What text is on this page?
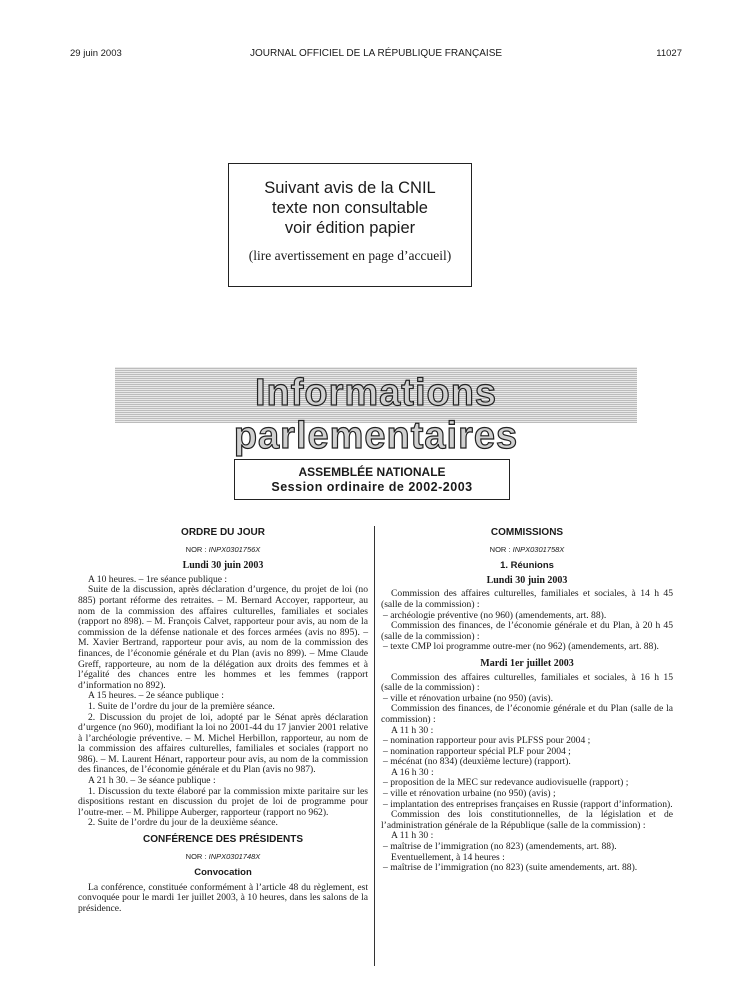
29 juin 2003	JOURNAL OFFICIEL DE LA RÉPUBLIQUE FRANÇAISE	11027
Suivant avis de la CNIL
texte non consultable
voir édition papier
(lire avertissement en page d’accueil)
Informations parlementaires
ASSEMBLÉE NATIONALE
Session ordinaire de 2002-2003
ORDRE DU JOUR
NOR : INPX0301756X
Lundi 30 juin 2003

A 10 heures. – 1re séance publique :

Suite de la discussion, après déclaration d’urgence, du projet de loi (no 885) portant réforme des retraites. – M. Bernard Accoyer, rapporteur, au nom de la commission des affaires culturelles, familiales et sociales (rapport no 898). – M. François Calvet, rapporteur pour avis, au nom de la commission de la défense nationale et des forces armées (avis no 895). – M. Xavier Bertrand, rapporteur pour avis, au nom de la commission des finances, de l’économie générale et du Plan (avis no 899). – Mme Claude Greff, rapporteure, au nom de la délégation aux droits des femmes et à l’égalité des chances entre les hommes et les femmes (rapport d’information no 892).

A 15 heures. – 2e séance publique :

1. Suite de l’ordre du jour de la première séance.

2. Discussion du projet de loi, adopté par le Sénat après déclaration d’urgence (no 960), modifiant la loi no 2001-44 du 17 janvier 2001 relative à l’archéologie préventive. – M. Michel Herbillon, rapporteur, au nom de la commission des affaires culturelles, familiales et sociales (rapport no 986). – M. Laurent Hénart, rapporteur pour avis, au nom de la commission des finances, de l’économie générale et du Plan (avis no 987).

A 21 h 30. – 3e séance publique :

1. Discussion du texte élaboré par la commission mixte paritaire sur les dispositions restant en discussion du projet de loi de programme pour l’outre-mer. – M. Philippe Auberger, rapporteur (rapport no 962).

2. Suite de l’ordre du jour de la deuxième séance.

CONFÉRENCE DES PRÉSIDENTS
NOR : INPX0301748X
Convocation

La conférence, constituée conformément à l’article 48 du règlement, est convoquée pour le mardi 1er juillet 2003, à 10 heures, dans les salons de la présidence.

COMMISSIONS
NOR : INPX0301758X
1. Réunions
Lundi 30 juin 2003

Commission des affaires culturelles, familiales et sociales, à 14 h 45 (salle de la commission) :

– archéologie préventive (no 960) (amendements, art. 88).

Commission des finances, de l’économie générale et du Plan, à 20 h 45 (salle de la commission) :

– texte CMP loi programme outre-mer (no 962) (amendements, art. 88).

Mardi 1er juillet 2003

Commission des affaires culturelles, familiales et sociales, à 16 h 15 (salle de la commission) :

– ville et rénovation urbaine (no 950) (avis).

Commission des finances, de l’économie générale et du Plan (salle de la commission) :

A 11 h 30 :

– nomination rapporteur pour avis PLFSS pour 2004 ;

– nomination rapporteur spécial PLF pour 2004 ;

– mécénat (no 834) (deuxième lecture) (rapport).

A 16 h 30 :

– proposition de la MEC sur redevance audiovisuelle (rapport) ;

– ville et rénovation urbaine (no 950) (avis) ;

– implantation des entreprises françaises en Russie (rapport d’information).

Commission des lois constitutionnelles, de la législation et de l’administration générale de la République (salle de la commission) :

A 11 h 30 :

– maîtrise de l’immigration (no 823) (amendements, art. 88).

Eventuellement, à 14 heures :

– maîtrise de l’immigration (no 823) (suite amendements, art. 88).
